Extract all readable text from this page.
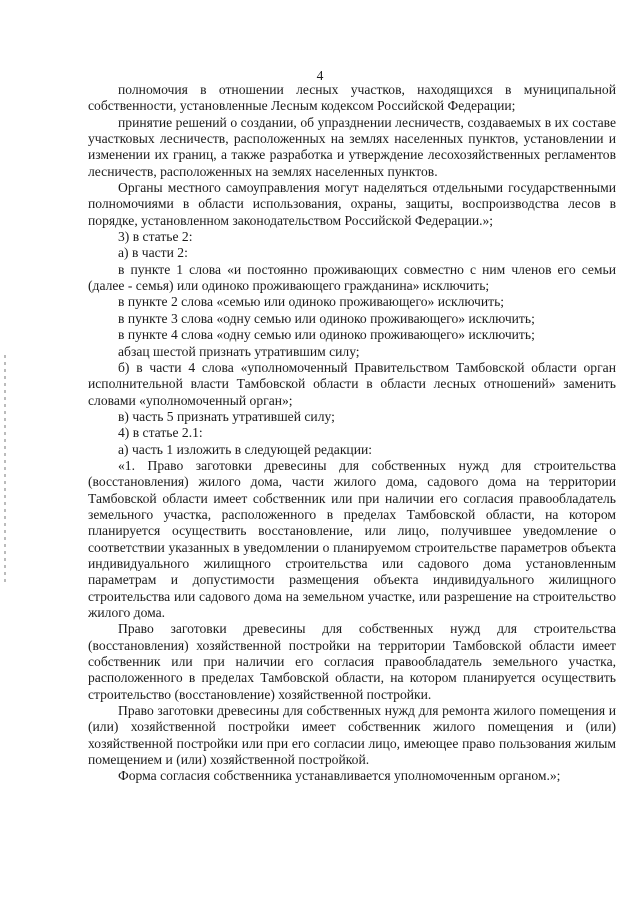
4

полномочия в отношении лесных участков, находящихся в муниципальной собственности, установленные Лесным кодексом Российской Федерации;

принятие решений о создании, об упразднении лесничеств, создаваемых в их составе участковых лесничеств, расположенных на землях населенных пунктов, установлении и изменении их границ, а также разработка и утверждение лесохозяйственных регламентов лесничеств, расположенных на землях населенных пунктов.

Органы местного самоуправления могут наделяться отдельными государственными полномочиями в области использования, охраны, защиты, воспроизводства лесов в порядке, установленном законодательством Российской Федерации.»;

3) в статье 2:

а) в части 2:

в пункте 1 слова «и постоянно проживающих совместно с ним членов его семьи (далее - семья) или одиноко проживающего гражданина» исключить;

в пункте 2 слова «семью или одиноко проживающего» исключить;

в пункте 3 слова «одну семью или одиноко проживающего» исключить;

в пункте 4 слова «одну семью или одиноко проживающего» исключить;

абзац шестой признать утратившим силу;

б) в части 4 слова «уполномоченный Правительством Тамбовской области орган исполнительной власти Тамбовской области в области лесных отношений» заменить словами «уполномоченный орган»;

в) часть 5 признать утратившей силу;

4) в статье 2.1:

а) часть 1 изложить в следующей редакции:

«1. Право заготовки древесины для собственных нужд для строительства (восстановления) жилого дома, части жилого дома, садового дома на территории Тамбовской области имеет собственник или при наличии его согласия правообладатель земельного участка, расположенного в пределах Тамбовской области, на котором планируется осуществить восстановление, или лицо, получившее уведомление о соответствии указанных в уведомлении о планируемом строительстве параметров объекта индивидуального жилищного строительства или садового дома установленным параметрам и допустимости размещения объекта индивидуального жилищного строительства или садового дома на земельном участке, или разрешение на строительство жилого дома.

Право заготовки древесины для собственных нужд для строительства (восстановления) хозяйственной постройки на территории Тамбовской области имеет собственник или при наличии его согласия правообладатель земельного участка, расположенного в пределах Тамбовской области, на котором планируется осуществить строительство (восстановление) хозяйственной постройки.

Право заготовки древесины для собственных нужд для ремонта жилого помещения и (или) хозяйственной постройки имеет собственник жилого помещения и (или) хозяйственной постройки или при его согласии лицо, имеющее право пользования жилым помещением и (или) хозяйственной постройкой.

Форма согласия собственника устанавливается уполномоченным органом.»;
